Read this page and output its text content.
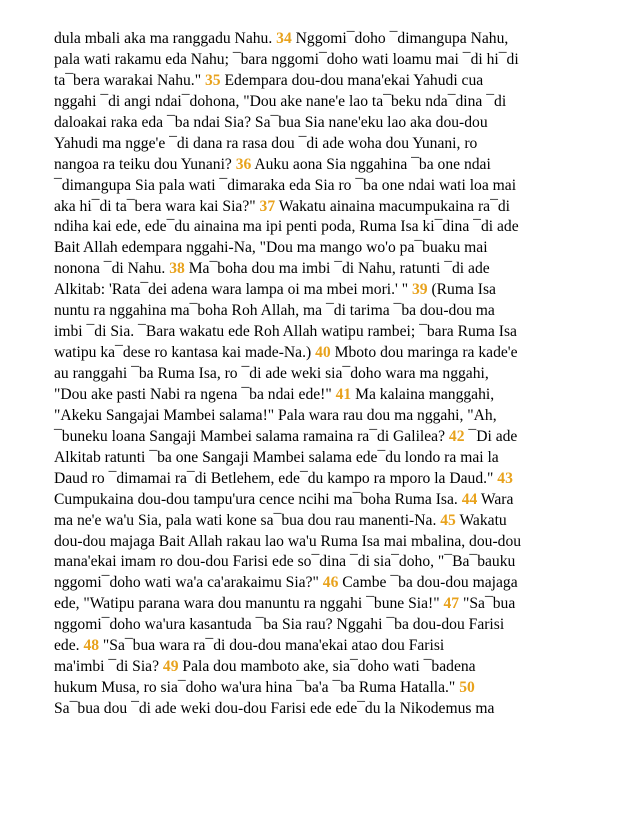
dula mbali aka ma ranggadu Nahu. 34 Nggomi¯doho ¯dimangupa Nahu,
pala wati rakamu eda Nahu; ¯bara nggomi¯doho wati loamu mai ¯di hi¯di
ta¯bera warakai Nahu." 35 Edempara dou-dou mana'ekai Yahudi cua
nggahi ¯di angi ndai¯dohona, "Dou ake nane'e lao ta¯beku nda¯dina ¯di
daloakai raka eda ¯ba ndai Sia? Sa¯bua Sia nane'eku lao aka dou-dou
Yahudi ma ngge'e ¯di dana ra rasa dou ¯di ade woha dou Yunani, ro
nangoa ra teiku dou Yunani? 36 Auku aona Sia nggahina ¯ba one ndai
¯dimangupa Sia pala wati ¯dimaraka eda Sia ro ¯ba one ndai wati loa mai
aka hi¯di ta¯bera wara kai Sia?" 37 Wakatu ainaina macumpukaina ra¯di
ndiha kai ede, ede¯du ainaina ma ipi penti poda, Ruma Isa ki¯dina ¯di ade
Bait Allah edempara nggahi-Na, "Dou ma mango wo'o pa¯buaku mai
nonona ¯di Nahu. 38 Ma¯boha dou ma imbi ¯di Nahu, ratunti ¯di ade
Alkitab: 'Rata¯dei adena wara lampa oi ma mbei mori.' " 39 (Ruma Isa
nuntu ra nggahina ma¯boha Roh Allah, ma ¯di tarima ¯ba dou-dou ma
imbi ¯di Sia. ¯Bara wakatu ede Roh Allah watipu rambei; ¯bara Ruma Isa
watipu ka¯dese ro kantasa kai made-Na.) 40 Mboto dou maringa ra kade'e
au ranggahi ¯ba Ruma Isa, ro ¯di ade weki sia¯doho wara ma nggahi,
"Dou ake pasti Nabi ra ngena ¯ba ndai ede!" 41 Ma kalaina manggahi,
"Akeku Sangajai Mambei salama!" Pala wara rau dou ma nggahi, "Ah,
¯buneku loana Sangaji Mambei salama ramaina ra¯di Galilea? 42 ¯Di ade
Alkitab ratunti ¯ba one Sangaji Mambei salama ede¯du londo ra mai la
Daud ro ¯dimamai ra¯di Betlehem, ede¯du kampo ra mporo la Daud." 43
Cumpukaina dou-dou tampu'ura cence ncihi ma¯boha Ruma Isa. 44 Wara
ma ne'e wa'u Sia, pala wati kone sa¯bua dou rau manenti-Na. 45 Wakatu
dou-dou majaga Bait Allah rakau lao wa'u Ruma Isa mai mbalina, dou-dou
mana'ekai imam ro dou-dou Farisi ede so¯dina ¯di sia¯doho, "¯Ba¯bauku
nggomi¯doho wati wa'a ca'arakaimu Sia?" 46 Cambe ¯ba dou-dou majaga
ede, "Watipu parana wara dou manuntu ra nggahi ¯bune Sia!" 47 "Sa¯bua
nggomi¯doho wa'ura kasantuda ¯ba Sia rau? Nggahi ¯ba dou-dou Farisi
ede. 48 "Sa¯bua wara ra¯di dou-dou mana'ekai atao dou Farisi
ma'imbi ¯di Sia? 49 Pala dou mamboto ake, sia¯doho wati ¯badena
hukum Musa, ro sia¯doho wa'ura hina ¯ba'a ¯ba Ruma Hatalla." 50
Sa¯bua dou ¯di ade weki dou-dou Farisi ede ede¯du la Nikodemus ma
